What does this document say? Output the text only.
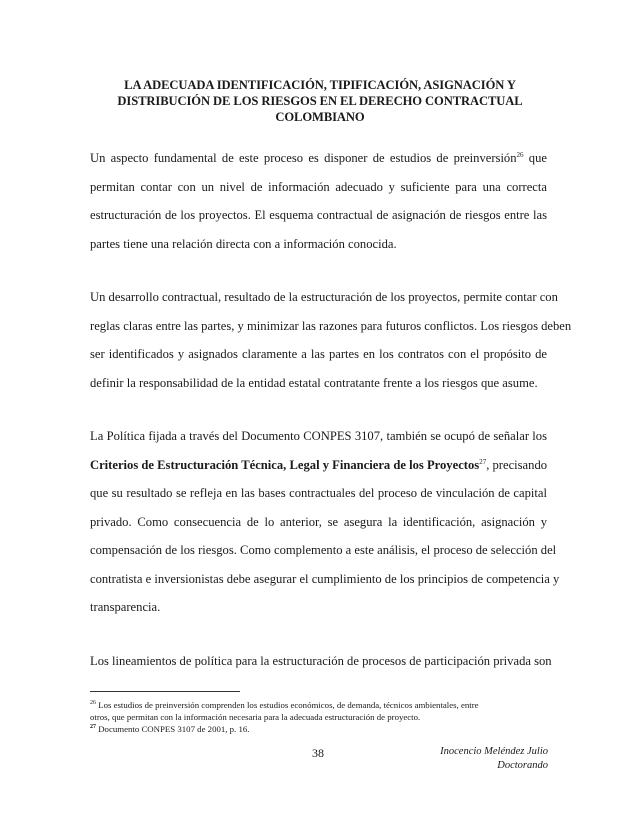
LA ADECUADA IDENTIFICACIÓN, TIPIFICACIÓN, ASIGNACIÓN Y
DISTRIBUCIÓN DE LOS RIESGOS EN EL DERECHO CONTRACTUAL
COLOMBIANO
Un aspecto fundamental de este proceso es disponer de estudios de preinversión$^{26}$ que
permitan contar con un nivel de información adecuado y suficiente para una correcta
estructuración de los proyectos. El esquema contractual de asignación de riesgos entre las
partes tiene una relación directa con a información conocida.
Un desarrollo contractual, resultado de la estructuración de los proyectos, permite contar con
reglas claras entre las partes, y minimizar las razones para futuros conflictos. Los riesgos deben
ser identificados y asignados claramente a las partes en los contratos con el propósito de
definir la responsabilidad de la entidad estatal contratante frente a los riesgos que asume.
La Política fijada a través del Documento CONPES 3107, también se ocupó de señalar los
Criterios de Estructuración Técnica, Legal y Financiera de los Proyectos$^{27}$, precisando
que su resultado se refleja en las bases contractuales del proceso de vinculación de capital
privado. Como consecuencia de lo anterior, se asegura la identificación, asignación y
compensación de los riesgos. Como complemento a este análisis, el proceso de selección del
contratista e inversionistas debe asegurar el cumplimiento de los principios de competencia y
transparencia.
Los lineamientos de política para la estructuración de procesos de participación privada son
$^{26}$ Los estudios de preinversión comprenden los estudios económicos, de demanda, técnicos ambientales, entre
otros, que permitan con la información necesaria para la adecuada estructuración de proyecto.
$^{27}$ Documento CONPES 3107 de 2001, p. 16.
38	Inocencio Meléndez Julio
Doctorando
